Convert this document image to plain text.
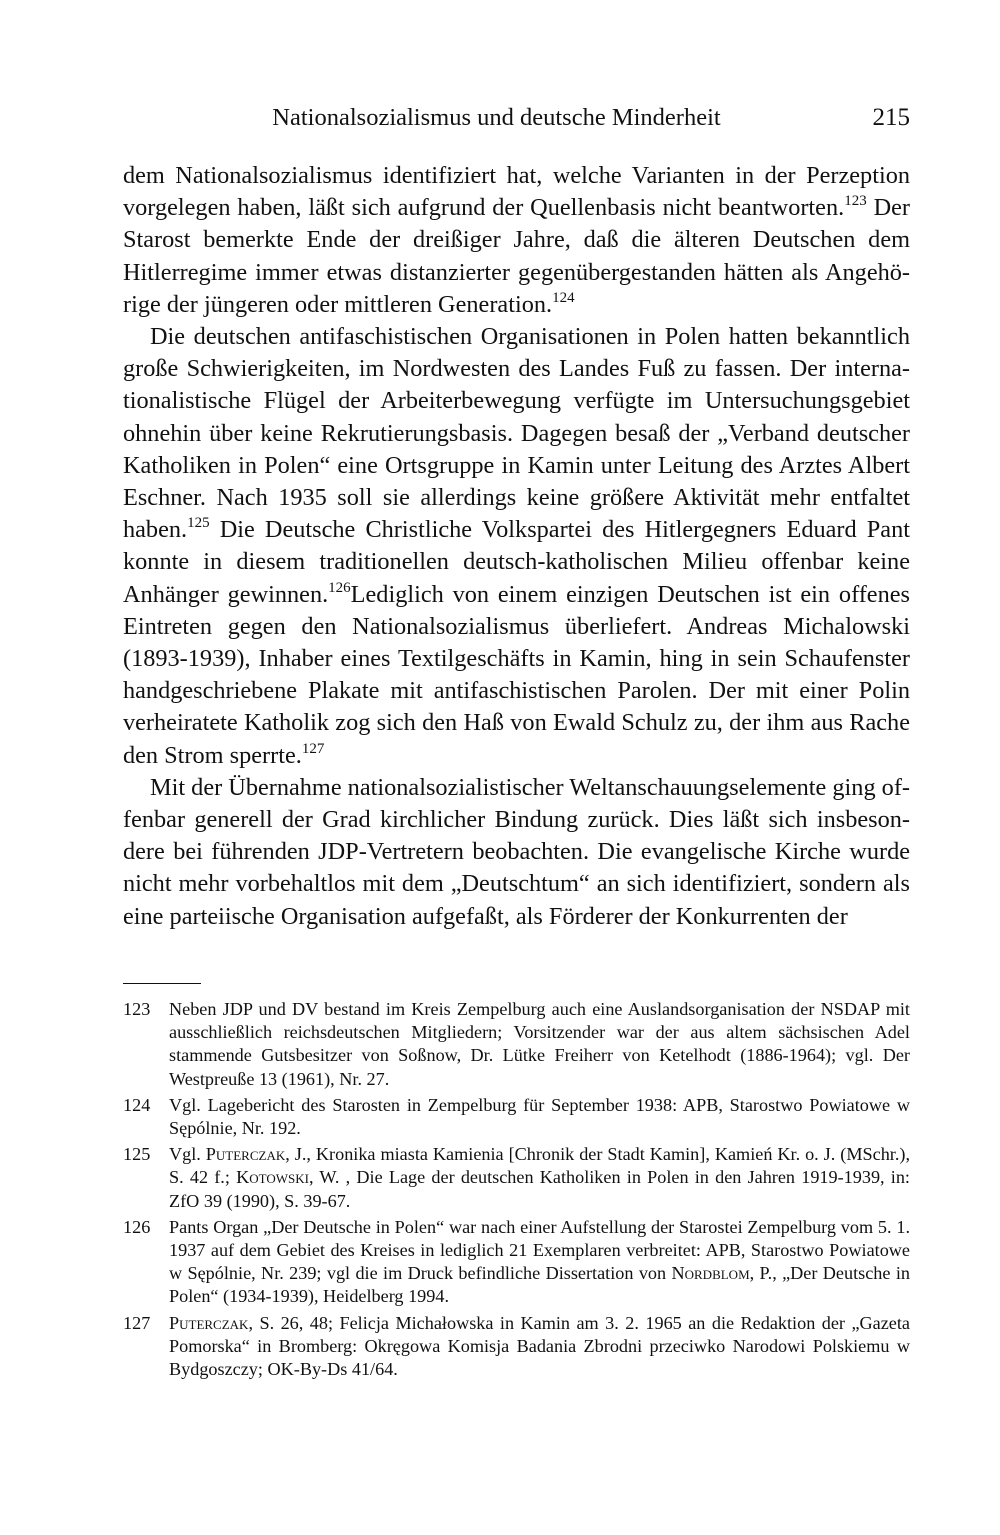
Nationalsozialismus und deutsche Minderheit	215

dem Nationalsozialismus identifiziert hat, welche Varianten in der Perzeption vorgelegen haben, läßt sich aufgrund der Quellenbasis nicht beantworten.$^{123}$ Der Starost bemerkte Ende der dreißiger Jahre, daß die älteren Deutschen dem Hitlerregime immer etwas distanzierter gegenübergestanden hätten als Angehörige der jüngeren oder mittleren Generation.$^{124}$

Die deutschen antifaschistischen Organisationen in Polen hatten bekanntlich große Schwierigkeiten, im Nordwesten des Landes Fuß zu fassen. Der internationalistische Flügel der Arbeiterbewegung verfügte im Untersuchungsgebiet ohnehin über keine Rekrutierungsbasis. Dagegen besaß der „Verband deutscher Katholiken in Polen“ eine Ortsgruppe in Kamin unter Leitung des Arztes Albert Eschner. Nach 1935 soll sie allerdings keine größere Aktivität mehr entfaltet haben.$^{125}$ Die Deutsche Christliche Volkspartei des Hitlergegners Eduard Pant konnte in diesem traditionellen deutsch-katholischen Milieu offenbar keine Anhänger gewinnen.$^{126}$Lediglich von einem einzigen Deutschen ist ein offenes Eintreten gegen den Nationalsozialismus überliefert. Andreas Michalowski (1893-1939), Inhaber eines Textilgeschäfts in Kamin, hing in sein Schaufenster handgeschriebene Plakate mit antifaschistischen Parolen. Der mit einer Polin verheiratete Katholik zog sich den Haß von Ewald Schulz zu, der ihm aus Rache den Strom sperrte.$^{127}$

Mit der Übernahme nationalsozialistischer Weltanschauungselemente ging offenbar generell der Grad kirchlicher Bindung zurück. Dies läßt sich insbesondere bei führenden JDP-Vertretern beobachten. Die evangelische Kirche wurde nicht mehr vorbehaltlos mit dem „Deutschtum“ an sich identifiziert, sondern als eine parteiische Organisation aufgefaßt, als Förderer der Konkurrenten der

123	Neben JDP und DV bestand im Kreis Zempelburg auch eine Auslandsorganisation der NSDAP mit ausschließlich reichsdeutschen Mitgliedern; Vorsitzender war der aus altem sächsischen Adel stammende Gutsbesitzer von Soßnow, Dr. Lütke Freiherr von Ketelhodt (1886-1964); vgl. Der Westpreuße 13 (1961), Nr. 27.
124	Vgl. Lagebericht des Starosten in Zempelburg für September 1938: APB, Starostwo Powiatowe w Sępólnie, Nr. 192.
125	Vgl. Puterczak, J., Kronika miasta Kamienia [Chronik der Stadt Kamin], Kamień Kr. o. J. (MSchr.), S. 42 f.; Kotowski, W. , Die Lage der deutschen Katholiken in Polen in den Jahren 1919-1939, in: ZfO 39 (1990), S. 39-67.
126	Pants Organ „Der Deutsche in Polen“ war nach einer Aufstellung der Starostei Zempelburg vom 5. 1. 1937 auf dem Gebiet des Kreises in lediglich 21 Exemplaren verbreitet: APB, Starostwo Powiatowe w Sępólnie, Nr. 239; vgl die im Druck befindliche Dissertation von Nordblom, P., „Der Deutsche in Polen“ (1934-1939), Heidelberg 1994.
127	Puterczak, S. 26, 48; Felicja Michałowska in Kamin am 3. 2. 1965 an die Redaktion der „Gazeta Pomorska“ in Bromberg: Okręgowa Komisja Badania Zbrodni przeciwko Narodowi Polskiemu w Bydgoszczy; OK-By-Ds 41/64.
